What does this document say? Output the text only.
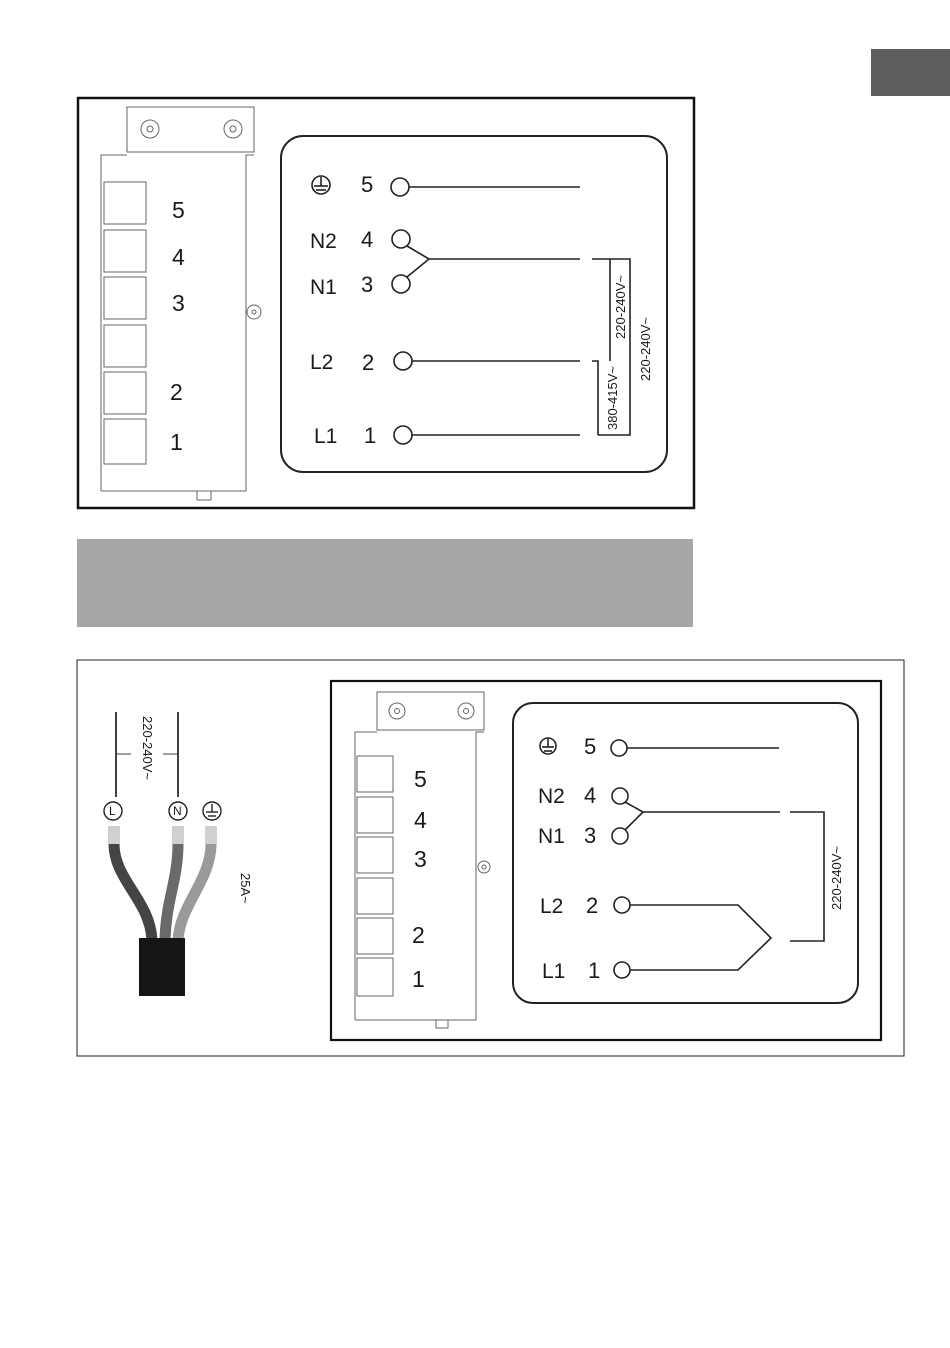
5
4
3
2
1
5
N2 4
N1 3
L2 2
L1 1
220-240V~
220-240V~
380-415V~
220-240V~
L	N
25A~
5
4
3
2
1
5
N2 4
N1 3
L2 2
L1 1
220-240V~
